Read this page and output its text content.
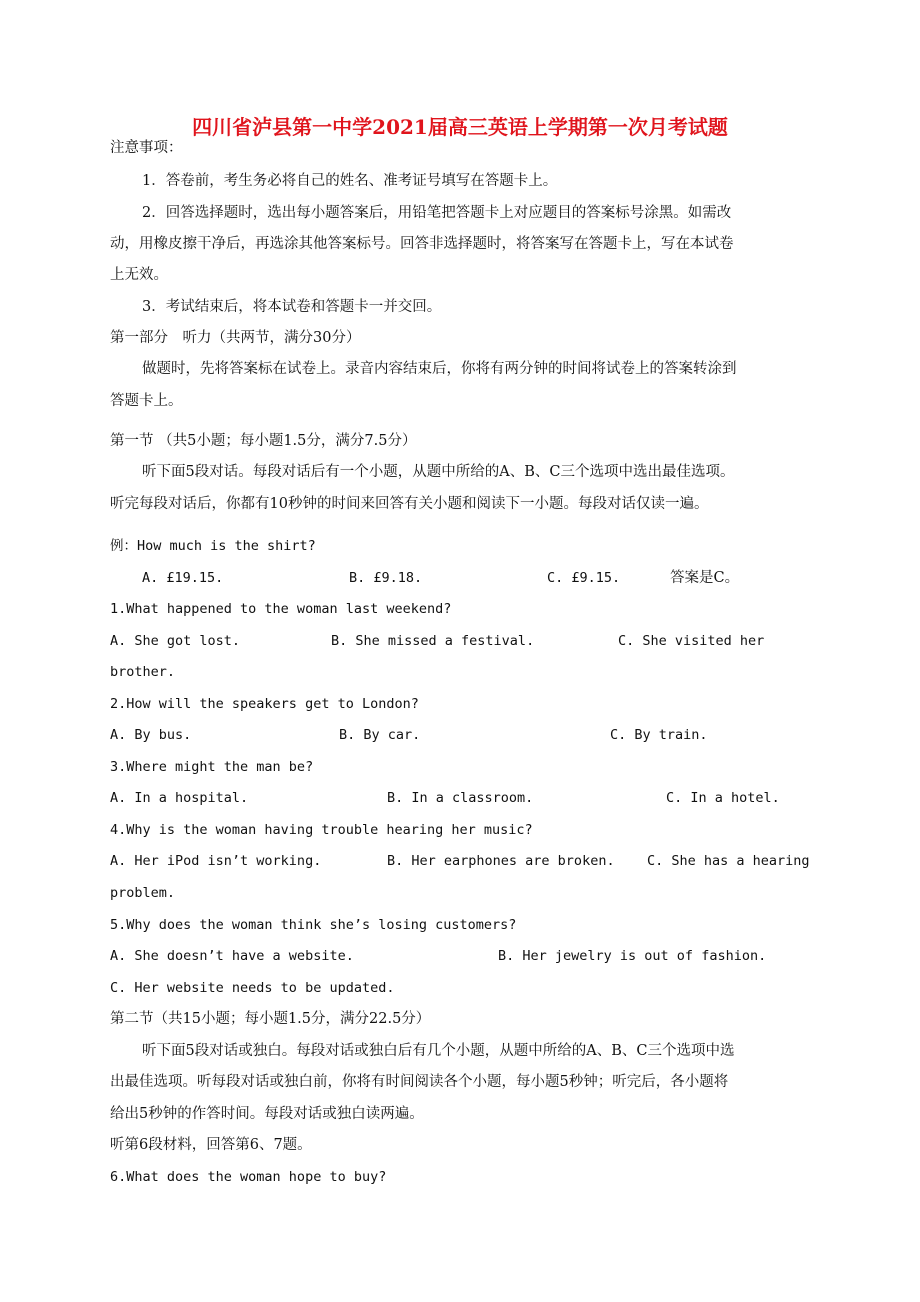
四川省泸县第一中学2021届高三英语上学期第一次月考试题
注意事项：
1．答卷前，考生务必将自己的姓名、准考证号填写在答题卡上。
2．回答选择题时，选出每小题答案后，用铅笔把答题卡上对应题目的答案标号涂黑。如需改
动，用橡皮擦干净后，再选涂其他答案标号。回答非选择题时，将答案写在答题卡上，写在本试卷
上无效。
3．考试结束后，将本试卷和答题卡一并交回。
第一部分　听力（共两节，满分30分）
做题时，先将答案标在试卷上。录音内容结束后，你将有两分钟的时间将试卷上的答案转涂到
答题卡上。
第一节 （共5小题；每小题1.5分，满分7.5分）
听下面5段对话。每段对话后有一个小题，从题中所给的A、B、C三个选项中选出最佳选项。
听完每段对话后，你都有10秒钟的时间来回答有关小题和阅读下一小题。每段对话仅读一遍。
例：How much is the shirt?
A. £19.15.	B. £9.18.	C. £9.15.	答案是C。
1.What happened to the woman last weekend?
A. She got lost.	B. She missed a festival.	C. She visited her
brother.
2.How will the speakers get to London?
A. By bus.	B. By car.	C. By train.
3.Where might the man be?
A. In a hospital.	B. In a classroom.	C. In a hotel.
4.Why is the woman having trouble hearing her music?
A. Her iPod isn’t working.	B. Her earphones are broken. C. She has a hearing
problem.
5.Why does the woman think she’s losing customers?
A. She doesn’t have a website.	B. Her jewelry is out of fashion.
C. Her website needs to be updated.
第二节（共15小题；每小题1.5分，满分22.5分）
听下面5段对话或独白。每段对话或独白后有几个小题，从题中所给的A、B、C三个选项中选
出最佳选项。听每段对话或独白前，你将有时间阅读各个小题，每小题5秒钟；听完后，各小题将
给出5秒钟的作答时间。每段对话或独白读两遍。
听第6段材料，回答第6、7题。
6.What does the woman hope to buy?
